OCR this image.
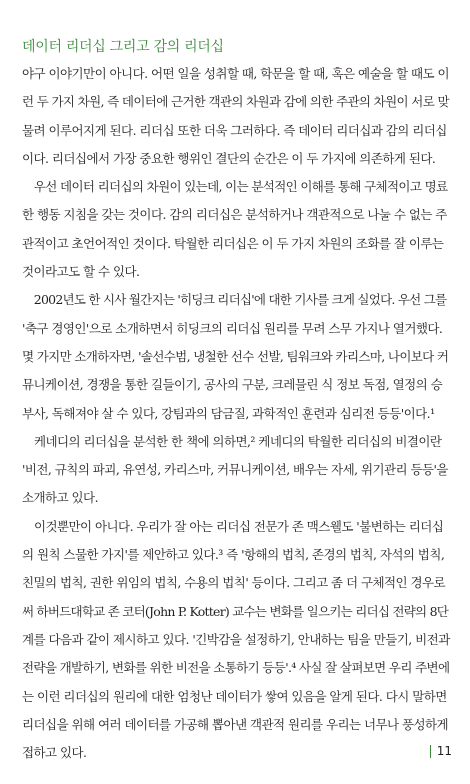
데이터 리더십 그리고 감의 리더십

야구 이야기만이 아니다. 어떤 일을 성취할 때, 학문을 할 때, 혹은 예술을 할 때도 이

런 두 가지 차원, 즉 데이터에 근거한 객관의 차원과 감에 의한 주관의 차원이 서로 맞

물려 이루어지게 된다. 리더십 또한 더욱 그러하다. 즉 데이터 리더십과 감의 리더십

이다. 리더십에서 가장 중요한 행위인 결단의 순간은 이 두 가지에 의존하게 된다.

　우선 데이터 리더십의 차원이 있는데, 이는 분석적인 이해를 통해 구체적이고 명료

한 행동 지침을 갖는 것이다. 감의 리더십은 분석하거나 객관적으로 나눌 수 없는 주

관적이고 초언어적인 것이다. 탁월한 리더십은 이 두 가지 차원의 조화를 잘 이루는

것이라고도 할 수 있다.

　2002년도 한 시사 월간지는 '히딩크 리더십'에 대한 기사를 크게 실었다. 우선 그를

'축구 경영인'으로 소개하면서 히딩크의 리더십 원리를 무려 스무 가지나 열거했다.

몇 가지만 소개하자면, '솔선수범, 냉철한 선수 선발, 팀워크와 카리스마, 나이보다 커

뮤니케이션, 경쟁을 통한 길들이기, 공사의 구분, 크레믈린 식 정보 독점, 열정의 승

부사, 독해져야 살 수 있다, 강팀과의 담금질, 과학적인 훈련과 심리전 등등'이다.¹

　케네디의 리더십을 분석한 한 책에 의하면,² 케네디의 탁월한 리더십의 비결이란

'비전, 규칙의 파괴, 유연성, 카리스마, 커뮤니케이션, 배우는 자세, 위기관리 등등'을

소개하고 있다.

　이것뿐만이 아니다. 우리가 잘 아는 리더십 전문가 존 맥스웰도 '불변하는 리더십

의 원칙 스물한 가지'를 제안하고 있다.³ 즉 '항해의 법칙, 존경의 법칙, 자석의 법칙,

친밀의 법칙, 권한 위임의 법칙, 수용의 법칙' 등이다. 그리고 좀 더 구체적인 경우로

써 하버드대학교 존 코터(John P. Kotter) 교수는 변화를 일으키는 리더십 전략의 8단

계를 다음과 같이 제시하고 있다. '긴박감을 설정하기, 안내하는 팀을 만들기, 비전과

전략을 개발하기, 변화를 위한 비전을 소통하기 등등'.⁴ 사실 잘 살펴보면 우리 주변에

는 이런 리더십의 원리에 대한 엄청난 데이터가 쌓여 있음을 알게 된다. 다시 말하면

리더십을 위해 여러 데이터를 가공해 뽑아낸 객관적 원리를 우리는 너무나 풍성하게

접하고 있다.	11
